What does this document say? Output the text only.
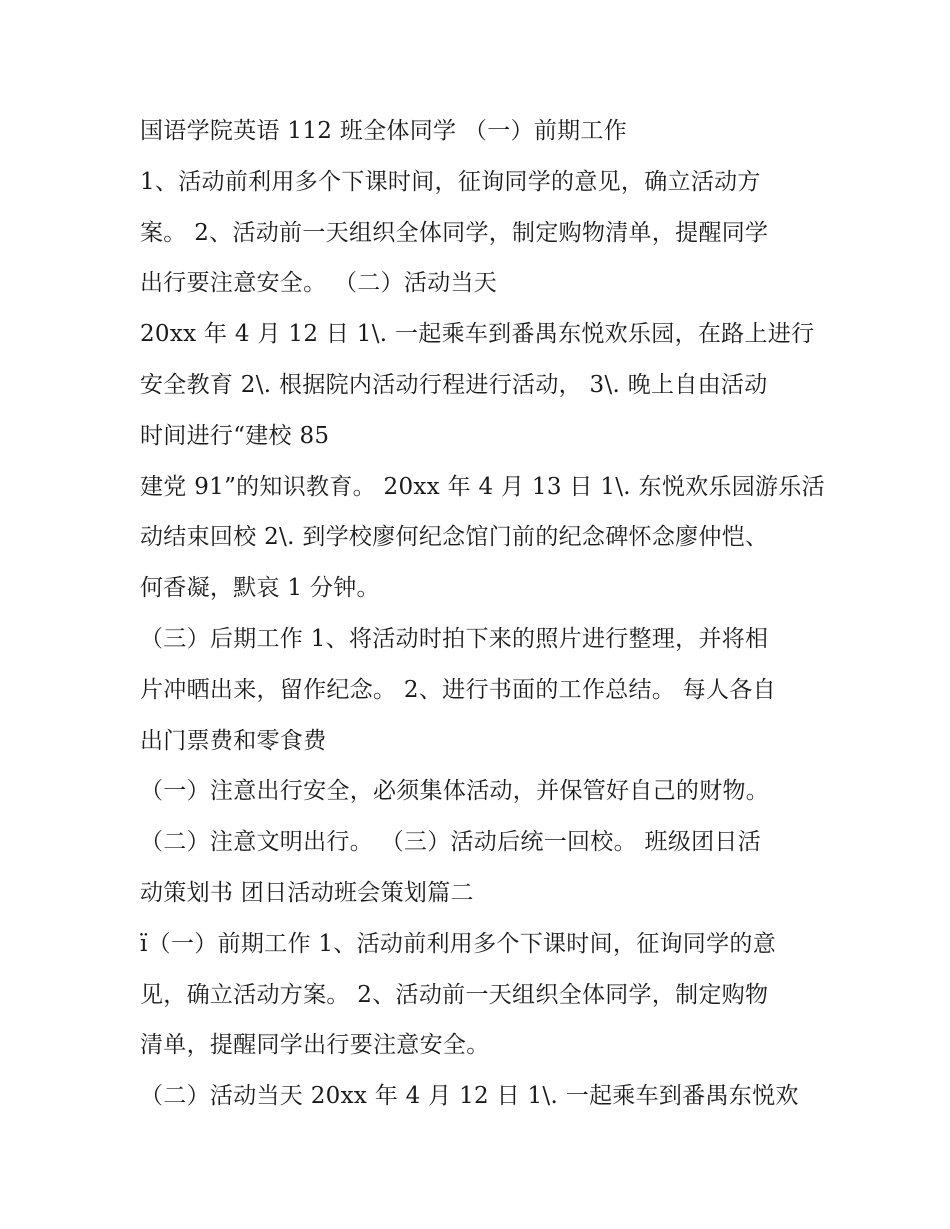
国语学院英语 112 班全体同学 （一）前期工作

1、活动前利用多个下课时间，征询同学的意见，确立活动方

案。 2、活动前一天组织全体同学，制定购物清单，提醒同学

出行要注意安全。 （二）活动当天

20xx 年 4 月 12 日 1\. 一起乘车到番禺东悦欢乐园，在路上进行

安全教育 2\. 根据院内活动行程进行活动， 3\. 晚上自由活动

时间进行“建校 85

建党 91”的知识教育。 20xx 年 4 月 13 日 1\. 东悦欢乐园游乐活

动结束回校 2\. 到学校廖何纪念馆门前的纪念碑怀念廖仲恺、

何香凝，默哀 1 分钟。

（三）后期工作 1、将活动时拍下来的照片进行整理，并将相

片冲晒出来，留作纪念。 2、进行书面的工作总结。 每人各自

出门票费和零食费

（一）注意出行安全，必须集体活动，并保管好自己的财物。

（二）注意文明出行。 （三）活动后统一回校。 班级团日活

动策划书 团日活动班会策划篇二

ï（一）前期工作 1、活动前利用多个下课时间，征询同学的意

见，确立活动方案。 2、活动前一天组织全体同学，制定购物

清单，提醒同学出行要注意安全。

（二）活动当天 20xx 年 4 月 12 日 1\. 一起乘车到番禺东悦欢
